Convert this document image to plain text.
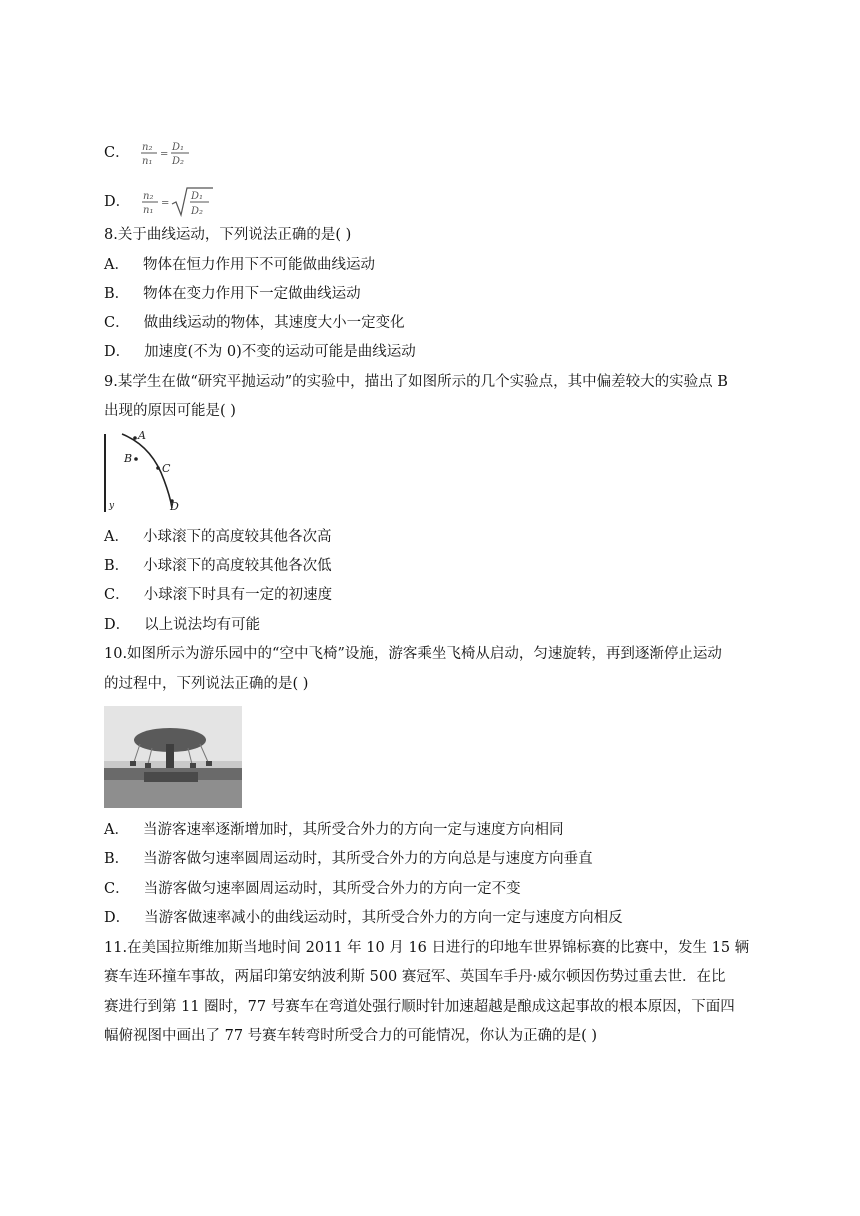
C． n₂
n₁
=
D₁
D₂
D． n₂
n₁
=
D₁
D₂
8.关于曲线运动，下列说法正确的是( )
A． 物体在恒力作用下不可能做曲线运动
B． 物体在变力作用下一定做曲线运动
C． 做曲线运动的物体，其速度大小一定变化
D． 加速度(不为 0)不变的运动可能是曲线运动
9.某学生在做“研究平抛运动”的实验中，描出了如图所示的几个实验点，其中偏差较大的实验点 B
出现的原因可能是( )
A
B
C
D
y
A． 小球滚下的高度较其他各次高
B． 小球滚下的高度较其他各次低
C． 小球滚下时具有一定的初速度
D． 以上说法均有可能
10.如图所示为游乐园中的“空中飞椅”设施，游客乘坐飞椅从启动，匀速旋转，再到逐渐停止运动
的过程中，下列说法正确的是( )
A． 当游客速率逐渐增加时，其所受合外力的方向一定与速度方向相同
B． 当游客做匀速率圆周运动时，其所受合外力的方向总是与速度方向垂直
C． 当游客做匀速率圆周运动时，其所受合外力的方向一定不变
D． 当游客做速率减小的曲线运动时，其所受合外力的方向一定与速度方向相反
11.在美国拉斯维加斯当地时间 2011 年 10 月 16 日进行的印地车世界锦标赛的比赛中，发生 15 辆
赛车连环撞车事故，两届印第安纳波利斯 500 赛冠军、英国车手丹·威尔顿因伤势过重去世．在比
赛进行到第 11 圈时，77 号赛车在弯道处强行顺时针加速超越是酿成这起事故的根本原因，下面四
幅俯视图中画出了 77 号赛车转弯时所受合力的可能情况，你认为正确的是( )
